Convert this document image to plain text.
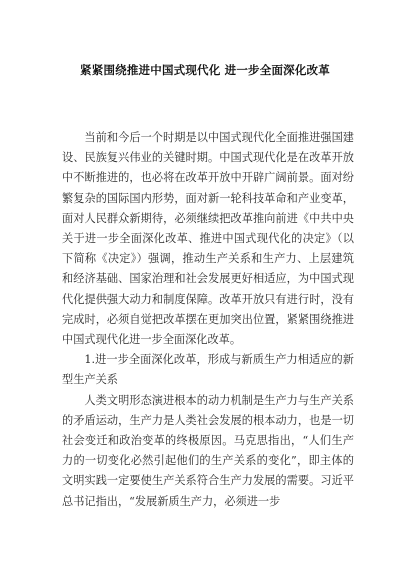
紧紧围绕推进中国式现代化 进一步全面深化改革

当前和今后一个时期是以中国式现代化全面推进强国建设、民族复兴伟业的关键时期。中国式现代化是在改革开放中不断推进的，也必将在改革开放中开辟广阔前景。面对纷繁复杂的国际国内形势，面对新一轮科技革命和产业变革，面对人民群众新期待，必须继续把改革推向前进《中共中央关于进一步全面深化改革、推进中国式现代化的决定》（以下简称《决定》）强调，推动生产关系和生产力、上层建筑和经济基础、国家治理和社会发展更好相适应，为中国式现代化提供强大动力和制度保障。改革开放只有进行时，没有完成时，必须自觉把改革摆在更加突出位置，紧紧围绕推进中国式现代化进一步全面深化改革。

1.进一步全面深化改革，形成与新质生产力相适应的新型生产关系

人类文明形态演进根本的动力机制是生产力与生产关系的矛盾运动，生产力是人类社会发展的根本动力，也是一切社会变迁和政治变革的终极原因。马克思指出，“人们生产力的一切变化必然引起他们的生产关系的变化”，即主体的文明实践一定要使生产关系符合生产力发展的需要。习近平总书记指出，“发展新质生产力，必须进一步
